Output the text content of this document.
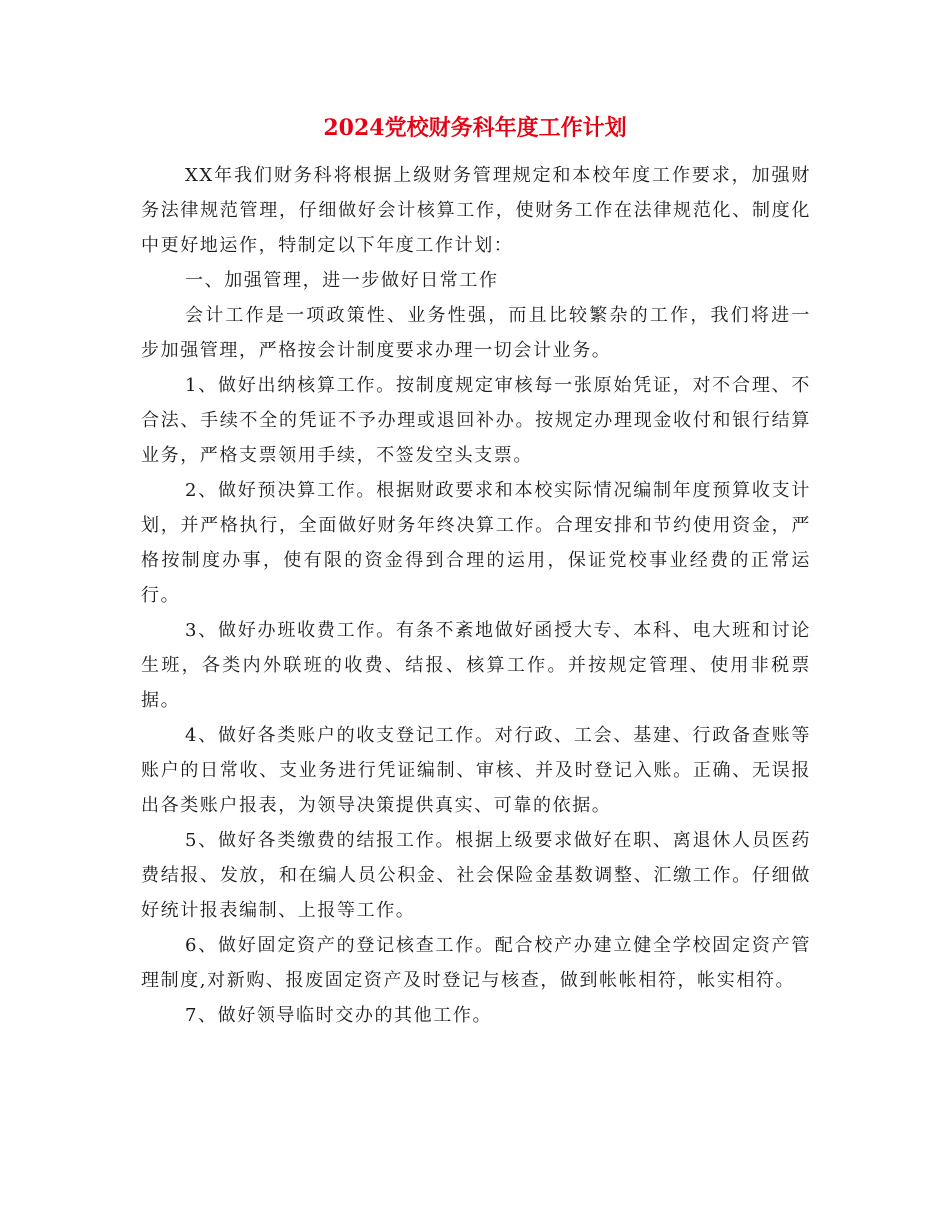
2024党校财务科年度工作计划

XX年我们财务科将根据上级财务管理规定和本校年度工作要求，加强财务法律规范管理，仔细做好会计核算工作，使财务工作在法律规范化、制度化中更好地运作，特制定以下年度工作计划：

一、加强管理，进一步做好日常工作

会计工作是一项政策性、业务性强，而且比较繁杂的工作，我们将进一步加强管理，严格按会计制度要求办理一切会计业务。

1、做好出纳核算工作。按制度规定审核每一张原始凭证，对不合理、不合法、手续不全的凭证不予办理或退回补办。按规定办理现金收付和银行结算业务，严格支票领用手续，不签发空头支票。

2、做好预决算工作。根据财政要求和本校实际情况编制年度预算收支计划，并严格执行，全面做好财务年终决算工作。合理安排和节约使用资金，严格按制度办事，使有限的资金得到合理的运用，保证党校事业经费的正常运行。

3、做好办班收费工作。有条不紊地做好函授大专、本科、电大班和讨论生班，各类内外联班的收费、结报、核算工作。并按规定管理、使用非税票据。

4、做好各类账户的收支登记工作。对行政、工会、基建、行政备查账等账户的日常收、支业务进行凭证编制、审核、并及时登记入账。正确、无误报出各类账户报表，为领导决策提供真实、可靠的依据。

5、做好各类缴费的结报工作。根据上级要求做好在职、离退休人员医药费结报、发放，和在编人员公积金、社会保险金基数调整、汇缴工作。仔细做好统计报表编制、上报等工作。

6、做好固定资产的登记核查工作。配合校产办建立健全学校固定资产管理制度,对新购、报废固定资产及时登记与核查，做到帐帐相符，帐实相符。

7、做好领导临时交办的其他工作。
